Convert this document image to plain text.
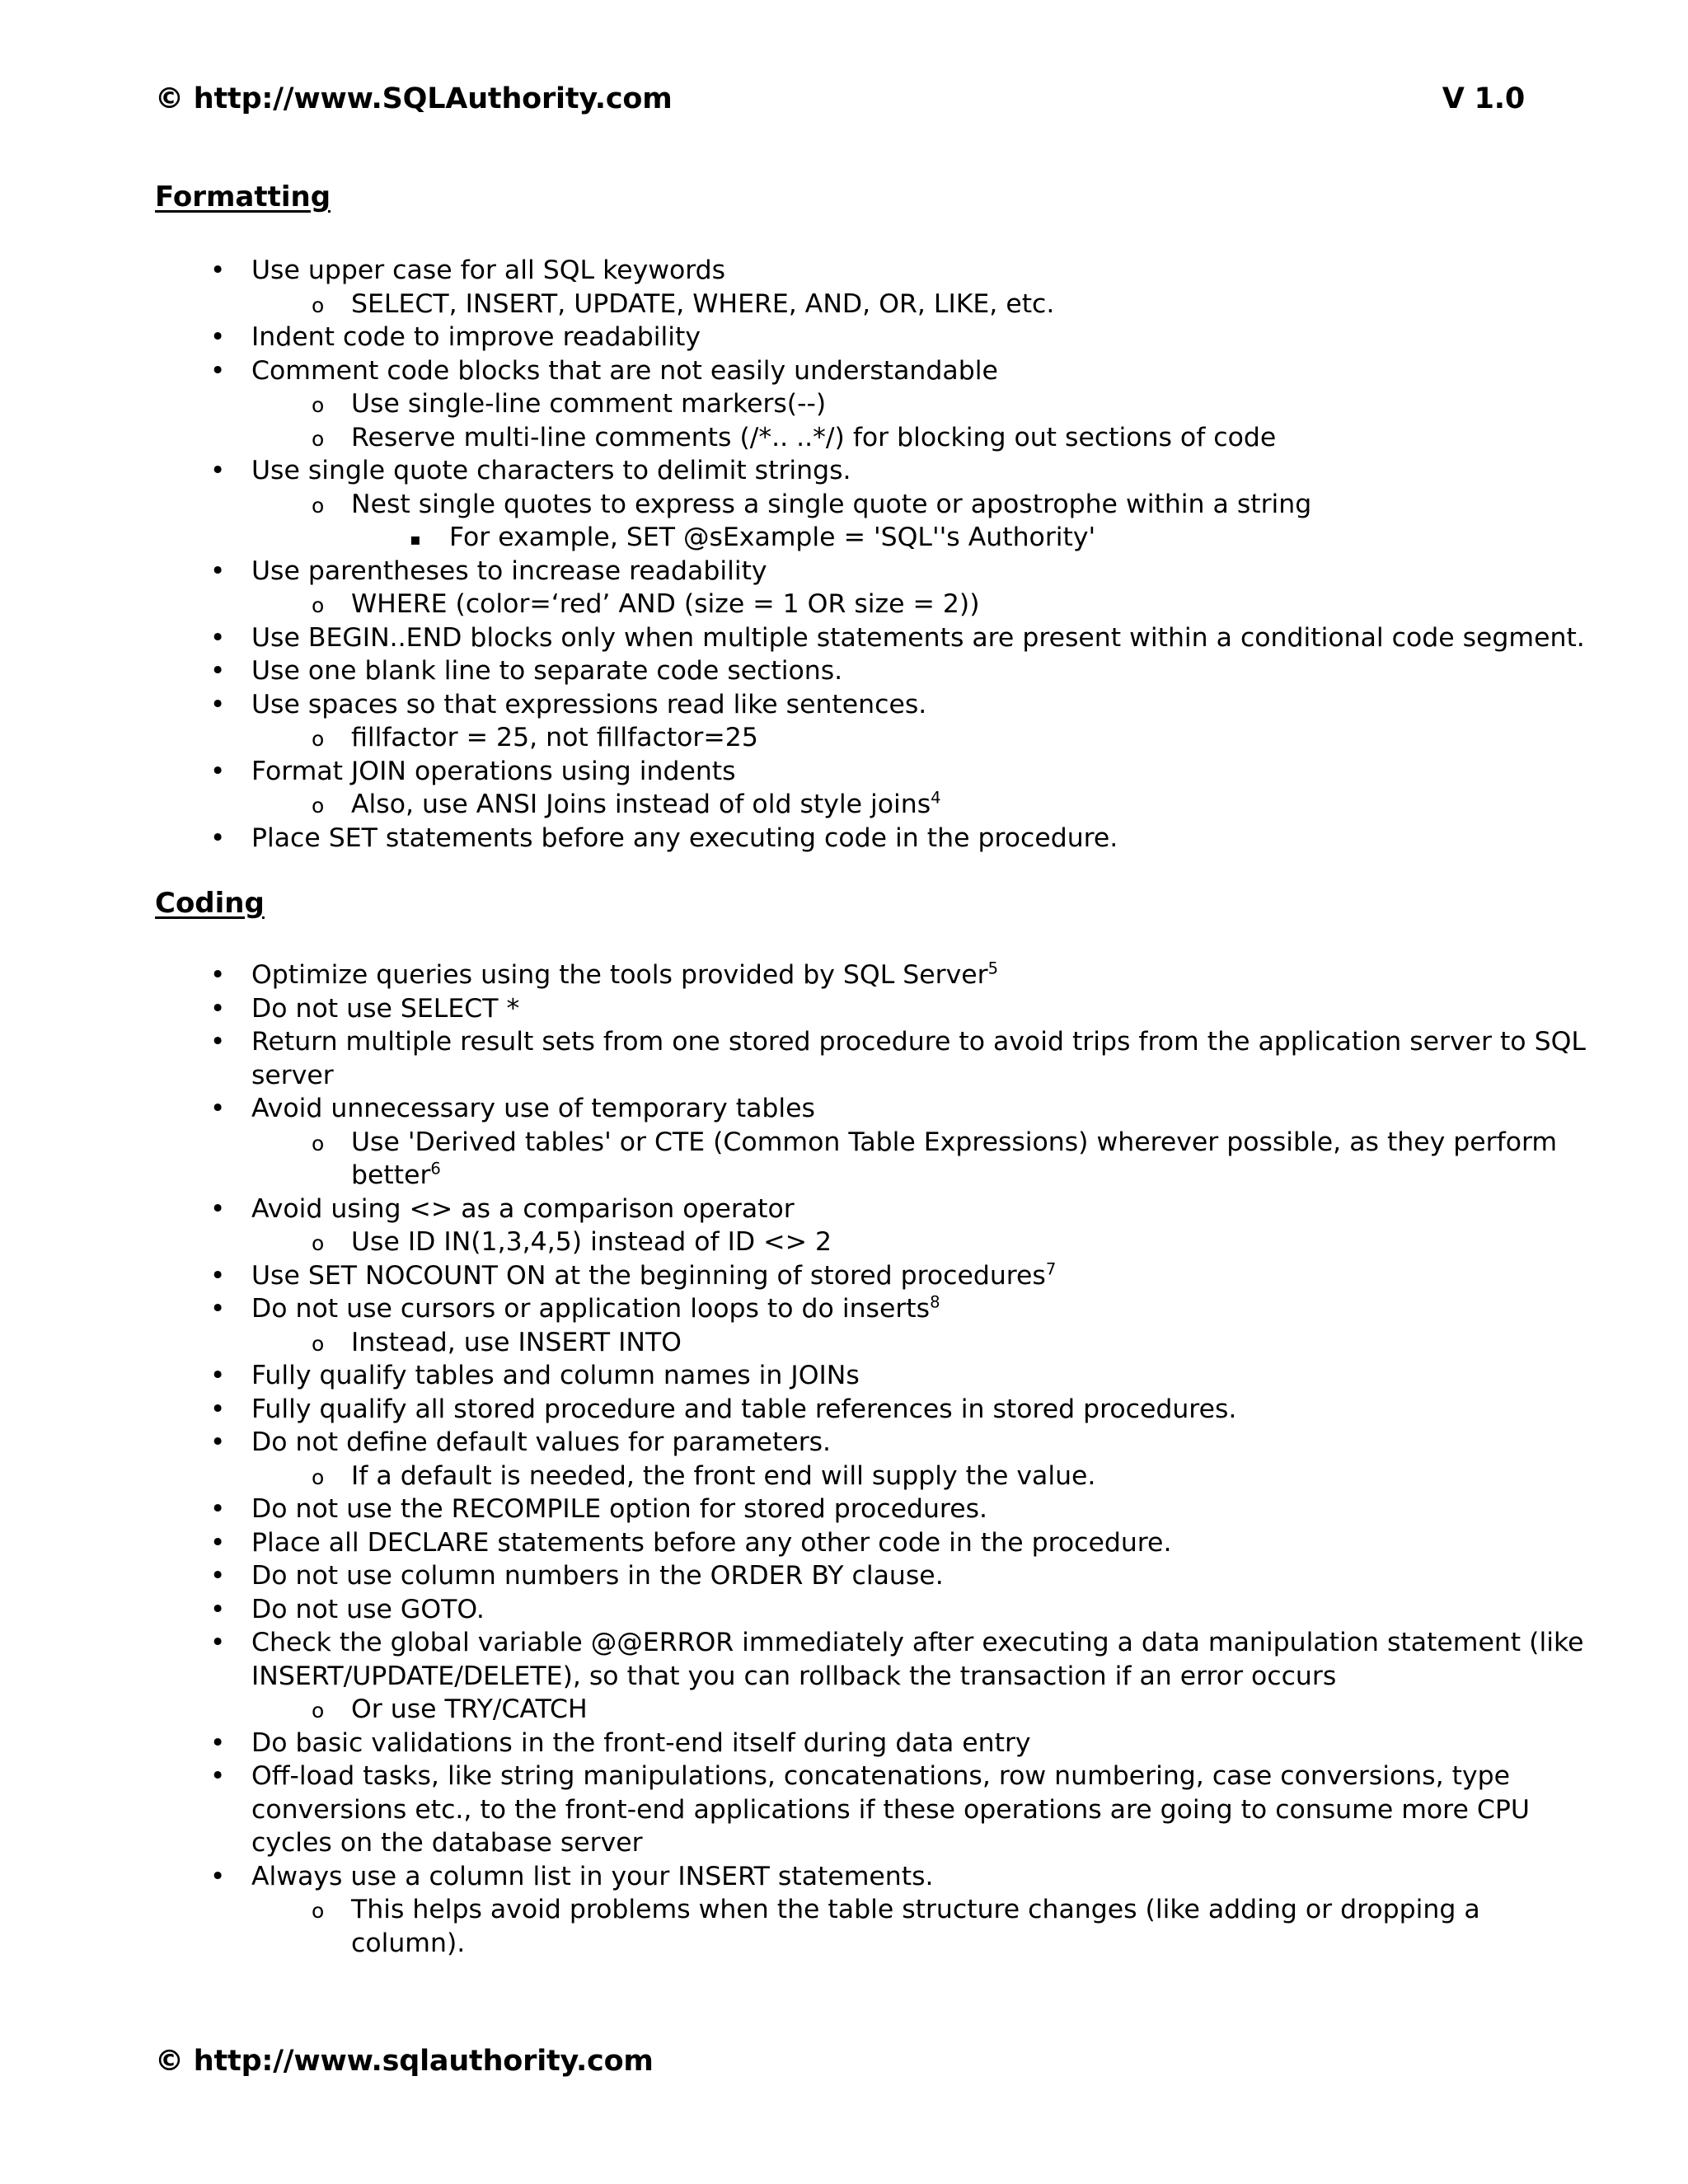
© http://www.SQLAuthority.com	V 1.0
Formatting
•	Use upper case for all SQL keywords
o	SELECT, INSERT, UPDATE, WHERE, AND, OR, LIKE, etc.
•	Indent code to improve readability
•	Comment code blocks that are not easily understandable
o	Use single-line comment markers(--)
o	Reserve multi-line comments (/*.. ..*/) for blocking out sections of code
•	Use single quote characters to delimit strings.
o	Nest single quotes to express a single quote or apostrophe within a string
▪	For example, SET @sExample = 'SQL''s Authority'
•	Use parentheses to increase readability
o	WHERE (color=‘red’ AND (size = 1 OR size = 2))
•	Use BEGIN..END blocks only when multiple statements are present within a conditional code segment.
•	Use one blank line to separate code sections.
•	Use spaces so that expressions read like sentences.
o	fillfactor = 25, not fillfactor=25
•	Format JOIN operations using indents
o	Also, use ANSI Joins instead of old style joins$^4$
•	Place SET statements before any executing code in the procedure.
Coding
•	Optimize queries using the tools provided by SQL Server$^5$
•	Do not use SELECT *
•	Return multiple result sets from one stored procedure to avoid trips from the application server to SQL server
•	Avoid unnecessary use of temporary tables
o	Use 'Derived tables' or CTE (Common Table Expressions) wherever possible, as they perform better$^6$
•	Avoid using <> as a comparison operator
o	Use ID IN(1,3,4,5) instead of ID <> 2
•	Use SET NOCOUNT ON at the beginning of stored procedures$^7$
•	Do not use cursors or application loops to do inserts$^8$
o	Instead, use INSERT INTO
•	Fully qualify tables and column names in JOINs
•	Fully qualify all stored procedure and table references in stored procedures.
•	Do not define default values for parameters.
o	If a default is needed, the front end will supply the value.
•	Do not use the RECOMPILE option for stored procedures.
•	Place all DECLARE statements before any other code in the procedure.
•	Do not use column numbers in the ORDER BY clause.
•	Do not use GOTO.
•	Check the global variable @@ERROR immediately after executing a data manipulation statement (like INSERT/UPDATE/DELETE), so that you can rollback the transaction if an error occurs
o	Or use TRY/CATCH
•	Do basic validations in the front-end itself during data entry
•	Off-load tasks, like string manipulations, concatenations, row numbering, case conversions, type conversions etc., to the front-end applications if these operations are going to consume more CPU cycles on the database server
•	Always use a column list in your INSERT statements.
o	This helps avoid problems when the table structure changes (like adding or dropping a column).
© http://www.sqlauthority.com
